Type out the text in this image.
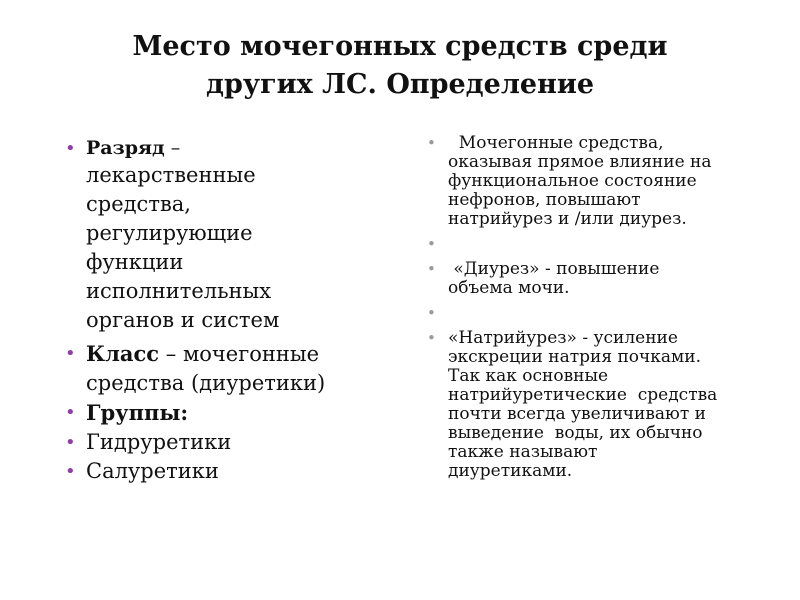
Место мочегонных средств среди
других ЛС. Определение
• Разряд –
лекарственные
средства,
регулирующие
функции
исполнительных
органов и систем
• Класс – мочегонные
средства (диуретики)
• Группы:
• Гидруретики
• Салуретики
• Мочегонные средства,
оказывая прямое влияние на
функциональное состояние
нефронов, повышают
натрийурез и /или диурез.
•
• «Диурез» - повышение
объема мочи.
•
• «Натрийурез» - усиление
экскреции натрия почками.
Так как основные
натрийуретические  средства
почти всегда увеличивают и
выведение  воды, их обычно
также называют
диуретиками.
